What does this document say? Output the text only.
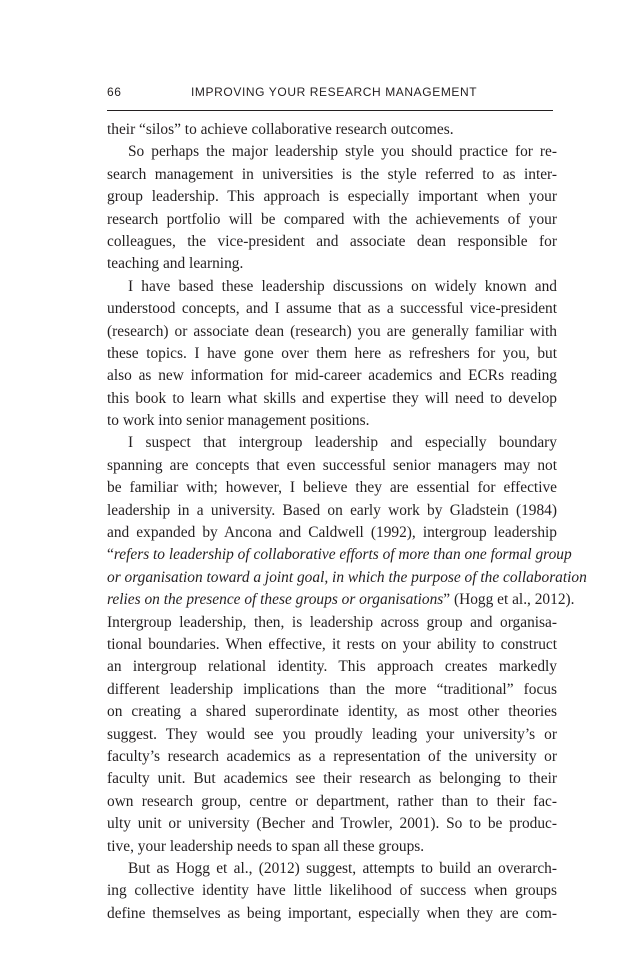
66	IMPROVING YOUR RESEARCH MANAGEMENT
their “silos” to achieve collaborative research outcomes.
So perhaps the major leadership style you should practice for re-
search management in universities is the style referred to as inter-
group leadership. This approach is especially important when your
research portfolio will be compared with the achievements of your
colleagues, the vice-president and associate dean responsible for
teaching and learning.
I have based these leadership discussions on widely known and
understood concepts, and I assume that as a successful vice-president
(research) or associate dean (research) you are generally familiar with
these topics. I have gone over them here as refreshers for you, but
also as new information for mid-career academics and ECRs reading
this book to learn what skills and expertise they will need to develop
to work into senior management positions.
I suspect that intergroup leadership and especially boundary
spanning are concepts that even successful senior managers may not
be familiar with; however, I believe they are essential for effective
leadership in a university. Based on early work by Gladstein (1984)
and expanded by Ancona and Caldwell (1992), intergroup leadership
“refers to leadership of collaborative efforts of more than one formal group
or organisation toward a joint goal, in which the purpose of the collaboration
relies on the presence of these groups or organisations” (Hogg et al., 2012).
Intergroup leadership, then, is leadership across group and organisa-
tional boundaries. When effective, it rests on your ability to construct
an intergroup relational identity. This approach creates markedly
different leadership implications than the more “traditional” focus
on creating a shared superordinate identity, as most other theories
suggest. They would see you proudly leading your university’s or
faculty’s research academics as a representation of the university or
faculty unit. But academics see their research as belonging to their
own research group, centre or department, rather than to their fac-
ulty unit or university (Becher and Trowler, 2001). So to be produc-
tive, your leadership needs to span all these groups.
But as Hogg et al., (2012) suggest, attempts to build an overarch-
ing collective identity have little likelihood of success when groups
define themselves as being important, especially when they are com-
